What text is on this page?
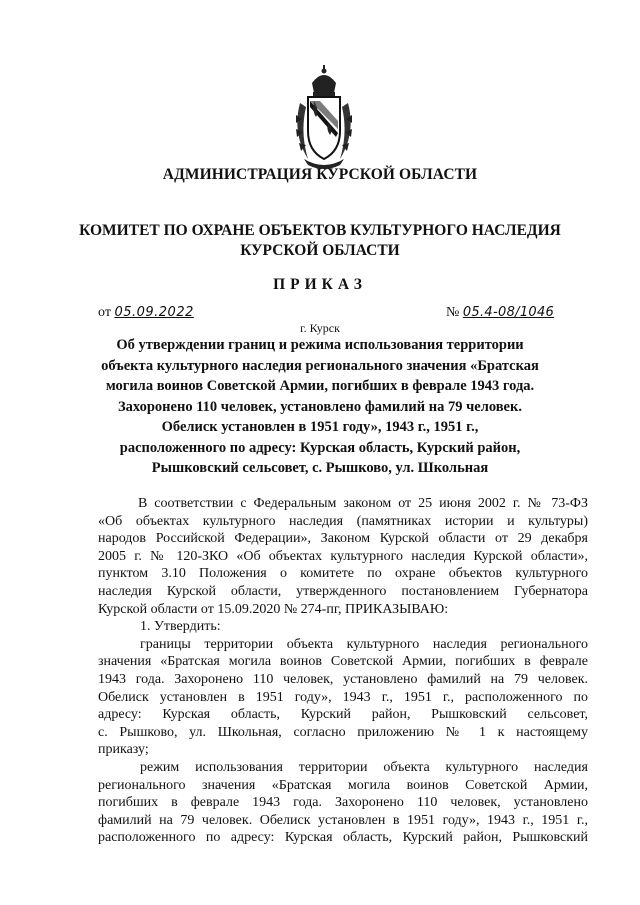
АДМИНИСТРАЦИЯ КУРСКОЙ ОБЛАСТИ
КОМИТЕТ ПО ОХРАНЕ ОБЪЕКТОВ КУЛЬТУРНОГО НАСЛЕДИЯ
КУРСКОЙ ОБЛАСТИ
ПРИКАЗ
от 05.09.2022	№ 05.4-08/1046
г. Курск
Об утверждении границ и режима использования территории
объекта культурного наследия регионального значения «Братская
могила воинов Советской Армии, погибших в феврале 1943 года.
Захоронено 110 человек, установлено фамилий на 79 человек.
Обелиск установлен в 1951 году», 1943 г., 1951 г.,
расположенного по адресу: Курская область, Курский район,
Рышковский сельсовет, с. Рышково, ул. Школьная
В соответствии с Федеральным законом от 25 июня 2002 г. № 73-ФЗ
«Об объектах культурного наследия (памятниках истории и культуры)
народов Российской Федерации», Законом Курской области от 29 декабря
2005 г. № 120-ЗКО «Об объектах культурного наследия Курской области»,
пунктом 3.10 Положения о комитете по охране объектов культурного
наследия Курской области, утвержденного постановлением Губернатора
Курской области от 15.09.2020 № 274-пг, ПРИКАЗЫВАЮ:
1. Утвердить:
границы территории объекта культурного наследия регионального
значения «Братская могила воинов Советской Армии, погибших в феврале
1943 года. Захоронено 110 человек, установлено фамилий на 79 человек.
Обелиск установлен в 1951 году», 1943 г., 1951 г., расположенного по
адресу: Курская область, Курский район, Рышковский сельсовет,
с. Рышково, ул. Школьная, согласно приложению № 1 к настоящему
приказу;
режим использования территории объекта культурного наследия
регионального значения «Братская могила воинов Советской Армии,
погибших в феврале 1943 года. Захоронено 110 человек, установлено
фамилий на 79 человек. Обелиск установлен в 1951 году», 1943 г., 1951 г.,
расположенного по адресу: Курская область, Курский район, Рышковский
